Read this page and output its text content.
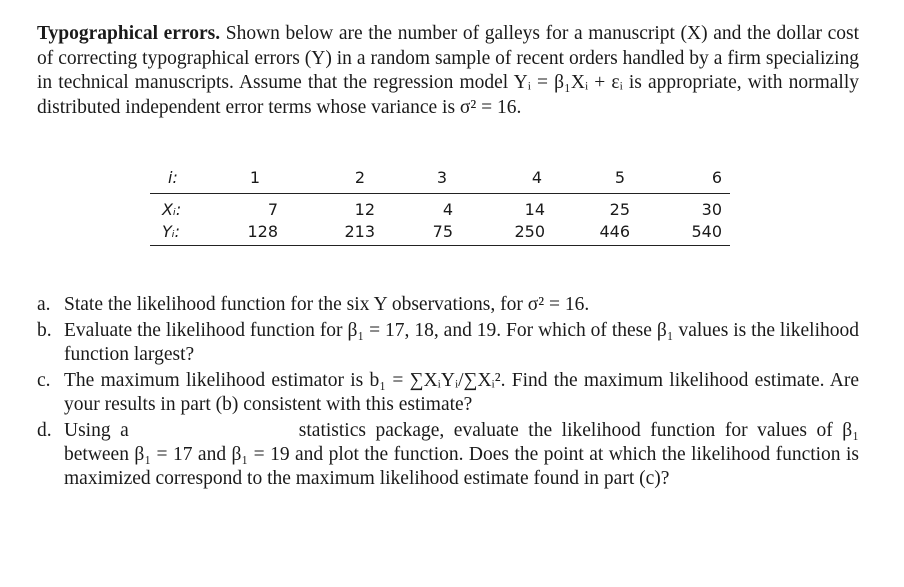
Typographical errors. Shown below are the number of galleys for a manuscript (X) and the dollar cost of correcting typographical errors (Y) in a random sample of recent orders handled by a firm specializing in technical manuscripts. Assume that the regression model Yᵢ = β₁Xᵢ + εᵢ is appropriate, with normally distributed independent error terms whose variance is σ² = 16.
i:	1	2	3	4	5	6
Xᵢ:	7	12	4	14	25	30
Yᵢ:	128	213	75	250	446	540
a. State the likelihood function for the six Y observations, for σ² = 16.
b. Evaluate the likelihood function for β₁ = 17, 18, and 19. For which of these β₁ values is the likelihood function largest?
c. The maximum likelihood estimator is b₁ = ∑XᵢYᵢ/∑Xᵢ². Find the maximum likelihood estimate. Are your results in part (b) consistent with this estimate?
d. Using a	statistics package, evaluate the likelihood function for values of β₁ between β₁ = 17 and β₁ = 19 and plot the function. Does the point at which the likelihood function is maximized correspond to the maximum likelihood estimate found in part (c)?
